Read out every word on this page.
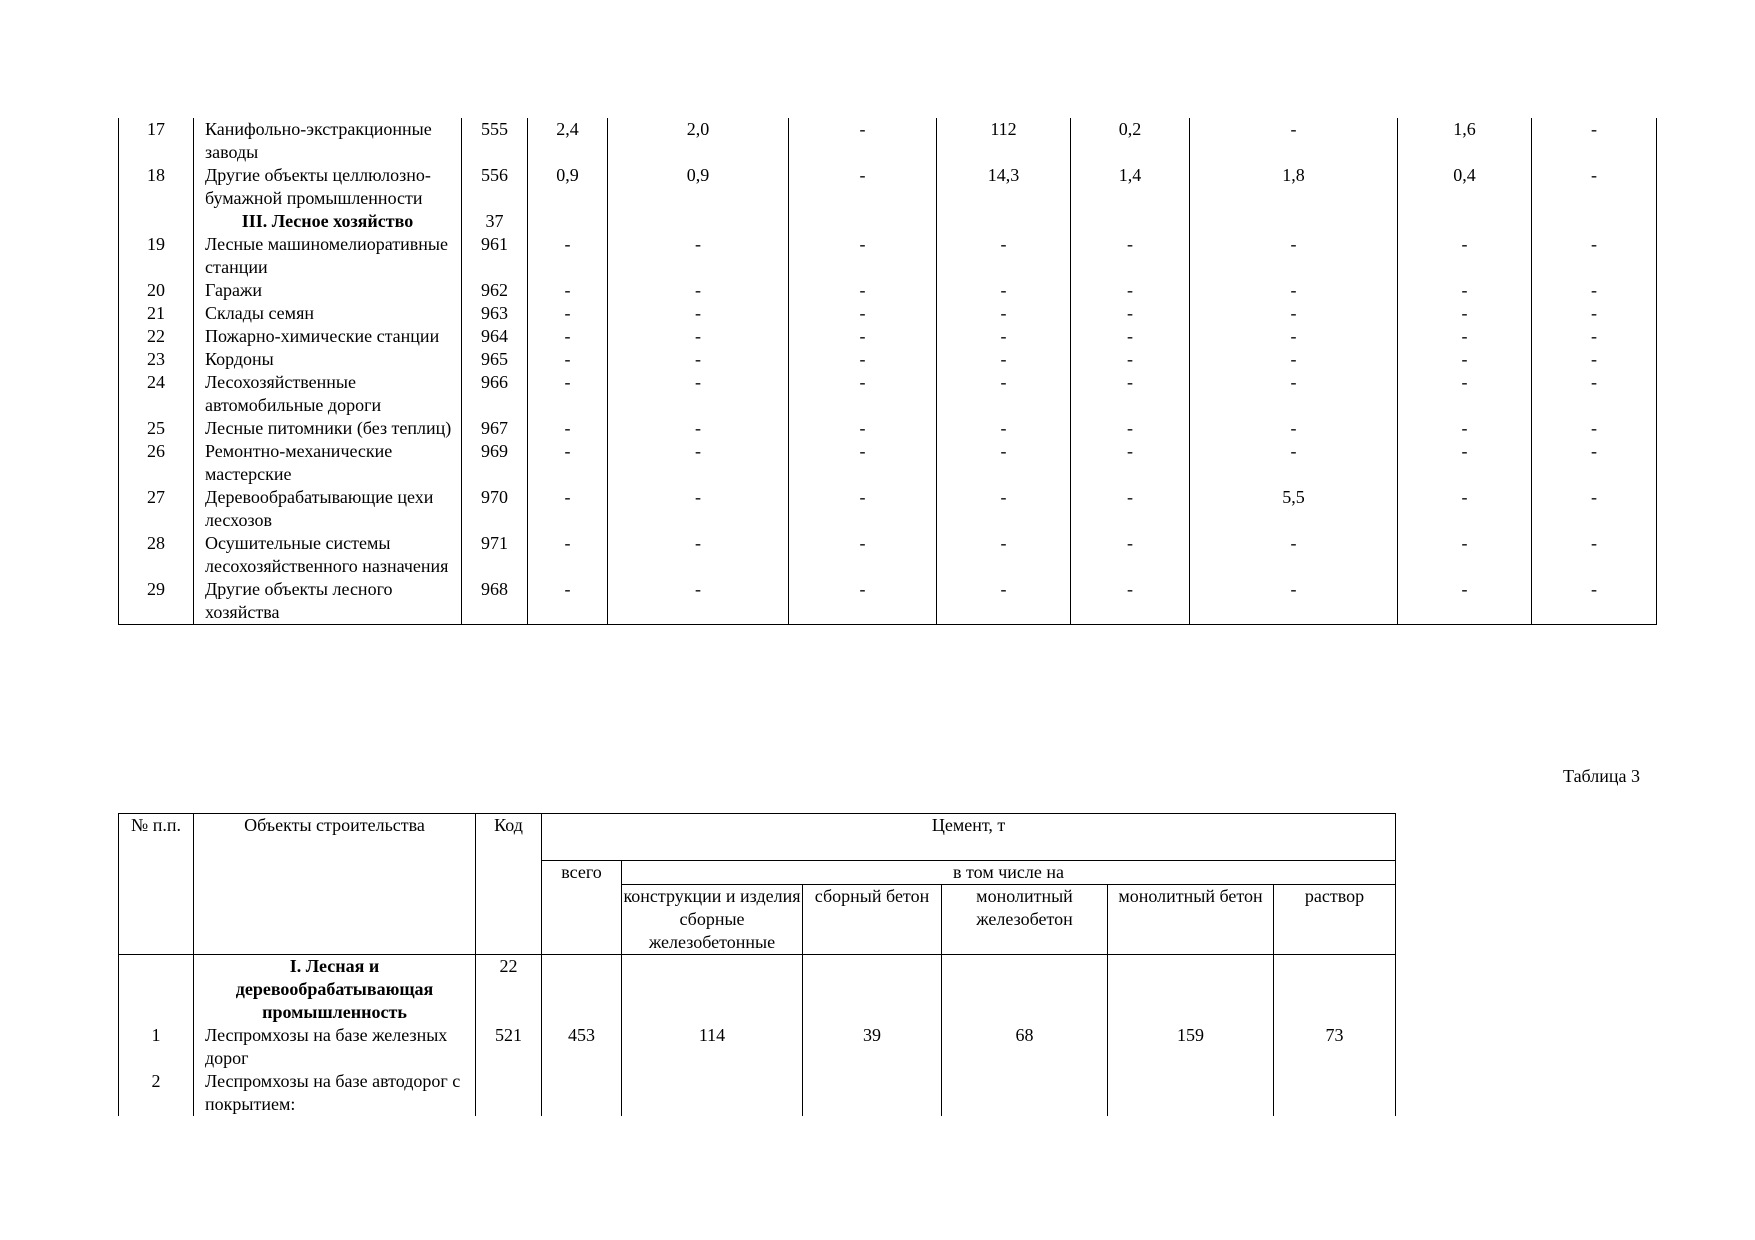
17	Канифольно-экстракционные заводы	555	2,4	2,0	-	112	0,2	-	1,6	-
18	Другие объекты целлюлозно-бумажной промышленности	556	0,9	0,9	-	14,3	1,4	1,8	0,4	-
	III. Лесное хозяйство	37								
19	Лесные машиномелиоративные станции	961	-	-	-	-	-	-	-	-
20	Гаражи	962	-	-	-	-	-	-	-	-
21	Склады семян	963	-	-	-	-	-	-	-	-
22	Пожарно-химические станции	964	-	-	-	-	-	-	-	-
23	Кордоны	965	-	-	-	-	-	-	-	-
24	Лесохозяйственные автомобильные дороги	966	-	-	-	-	-	-	-	-
25	Лесные питомники (без теплиц)	967	-	-	-	-	-	-	-	-
26	Ремонтно-механические мастерские	969	-	-	-	-	-	-	-	-
27	Деревообрабатывающие цехи лесхозов	970	-	-	-	-	-	5,5	-	-
28	Осушительные системы лесохозяйственного назначения	971	-	-	-	-	-	-	-	-
29	Другие объекты лесного хозяйства	968	-	-	-	-	-	-	-	-
Таблица 3
№ п.п.	Объекты строительства	Код	Цемент, т					
			всего	в том числе на				
				конструкции и изделия сборные железобетонные	сборный бетон	монолитный железобетон	монолитный бетон	раствор
	I. Лесная и деревообрабатывающая промышленность	22						
1	Леспромхозы на базе железных дорог	521	453	114	39	68	159	73
2	Леспромхозы на базе автодорог с покрытием:							
